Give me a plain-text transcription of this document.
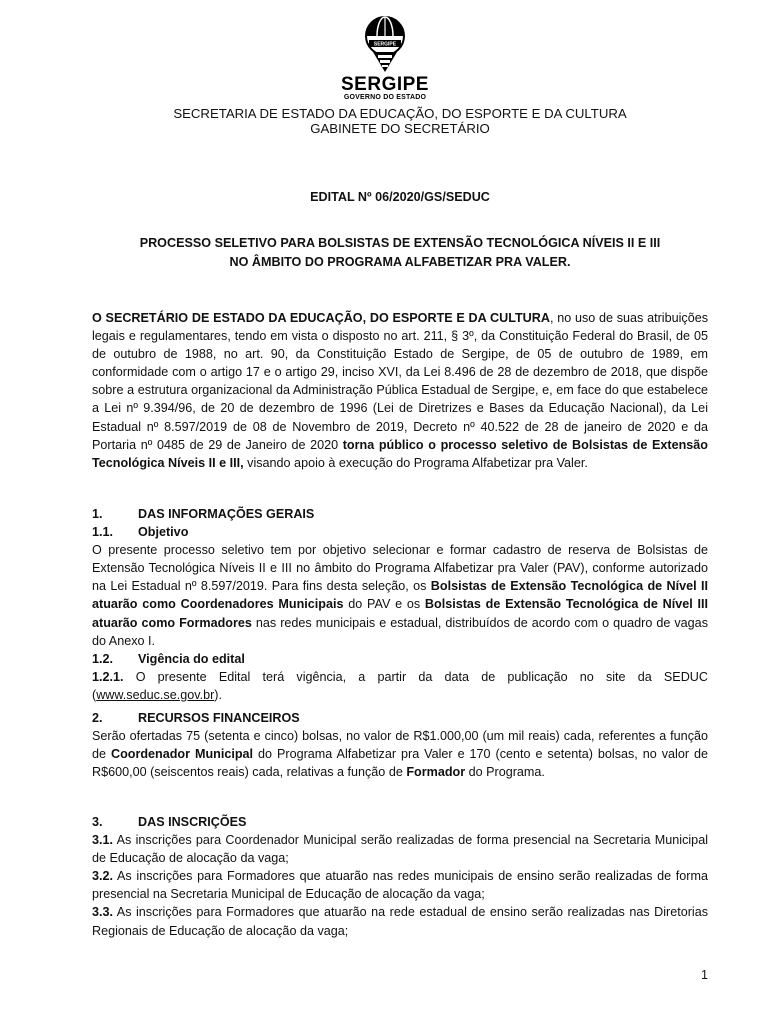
SERGIPE
SERGIPE
GOVERNO DO ESTADO
SECRETARIA DE ESTADO DA EDUCAÇÃO, DO ESPORTE E DA CULTURA
GABINETE DO SECRETÁRIO
EDITAL Nº 06/2020/GS/SEDUC
PROCESSO SELETIVO PARA BOLSISTAS DE EXTENSÃO TECNOLÓGICA NÍVEIS II E III
NO ÂMBITO DO PROGRAMA ALFABETIZAR PRA VALER.

O SECRETÁRIO DE ESTADO DA EDUCAÇÃO, DO ESPORTE E DA CULTURA, no uso de suas atribuições legais e regulamentares, tendo em vista o disposto no art. 211, § 3º, da Constituição Federal do Brasil, de 05 de outubro de 1988, no art. 90, da Constituição Estado de Sergipe, de 05 de outubro de 1989, em conformidade com o artigo 17 e o artigo 29, inciso XVI, da Lei 8.496 de 28 de dezembro de 2018, que dispõe sobre a estrutura organizacional da Administração Pública Estadual de Sergipe, e, em face do que estabelece a Lei nº 9.394/96, de 20 de dezembro de 1996 (Lei de Diretrizes e Bases da Educação Nacional), da Lei Estadual nº 8.597/2019 de 08 de Novembro de 2019, Decreto nº 40.522 de 28 de janeiro de 2020 e da Portaria nº 0485 de 29 de Janeiro de 2020 torna público o processo seletivo de Bolsistas de Extensão Tecnológica Níveis II e III, visando apoio à execução do Programa Alfabetizar pra Valer.

1.	DAS INFORMAÇÕES GERAIS
1.1.	Objetivo

O presente processo seletivo tem por objetivo selecionar e formar cadastro de reserva de Bolsistas de Extensão Tecnológica Níveis II e III no âmbito do Programa Alfabetizar pra Valer (PAV), conforme autorizado na Lei Estadual nº 8.597/2019. Para fins desta seleção, os Bolsistas de Extensão Tecnológica de Nível II atuarão como Coordenadores Municipais do PAV e os Bolsistas de Extensão Tecnológica de Nível III atuarão como Formadores nas redes municipais e estadual, distribuídos de acordo com o quadro de vagas do Anexo I.

1.2.	Vigência do edital

1.2.1. O presente Edital terá vigência, a partir da data de publicação no site da SEDUC (www.seduc.se.gov.br).

2.	RECURSOS FINANCEIROS

Serão ofertadas 75 (setenta e cinco) bolsas, no valor de R$1.000,00 (um mil reais) cada, referentes a função de Coordenador Municipal do Programa Alfabetizar pra Valer e 170 (cento e setenta) bolsas, no valor de R$600,00 (seiscentos reais) cada, relativas a função de Formador do Programa.

3.	DAS INSCRIÇÕES

3.1. As inscrições para Coordenador Municipal serão realizadas de forma presencial na Secretaria Municipal de Educação de alocação da vaga;

3.2. As inscrições para Formadores que atuarão nas redes municipais de ensino serão realizadas de forma presencial na Secretaria Municipal de Educação de alocação da vaga;

3.3. As inscrições para Formadores que atuarão na rede estadual de ensino serão realizadas nas Diretorias Regionais de Educação de alocação da vaga;

1
